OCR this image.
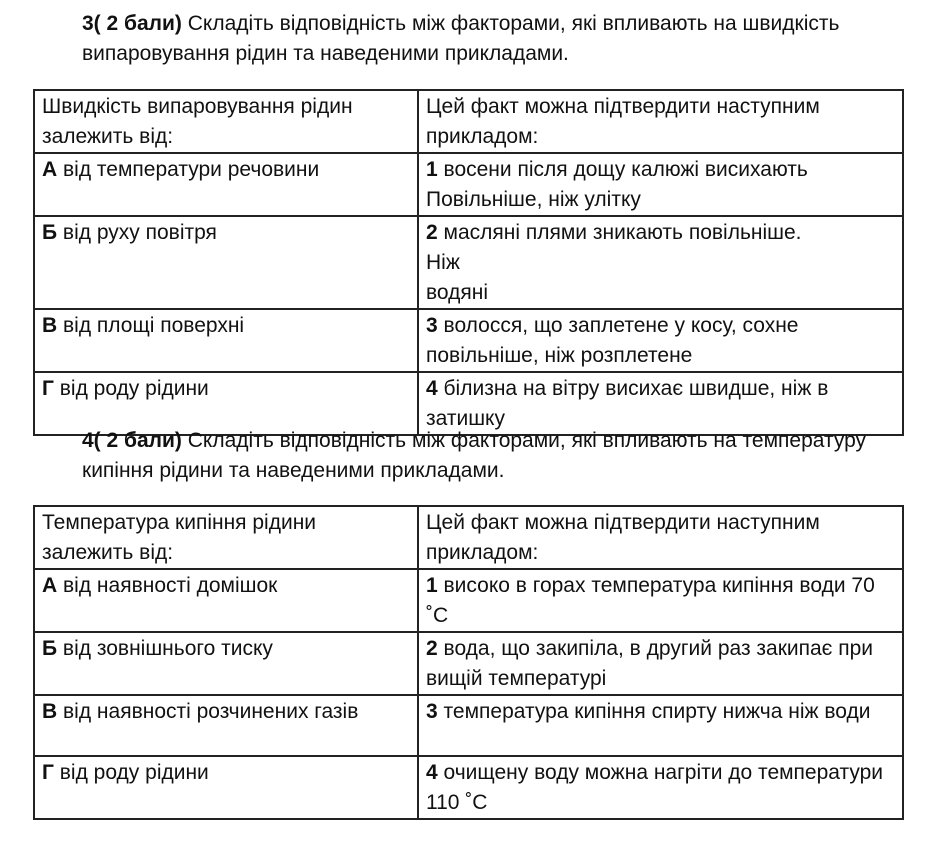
3( 2 бали) Складіть відповідність між факторами, які впливають на швидкість випаровування рідин та наведеними прикладами.

Швидкість випаровування рідин залежить від:	Цей факт можна підтвердити наступним прикладом:
А від температури речовини	1 восени після дощу калюжі висихають Повільніше, ніж улітку
Б від руху повітря	2 масляні плями зникають повільніше.
Ніж
водяні

В від площі поверхні	3 волосся, що заплетене у косу, сохне повільніше, ніж розплетене
Г від роду рідини	4 білизна на вітру висихає швидше, ніж в затишку

4( 2 бали) Складіть відповідність між факторами, які впливають на температуру кипіння рідини та наведеними прикладами.

Температура кипіння рідини залежить від:	Цей факт можна підтвердити наступним прикладом:
А від наявності домішок	1 високо в горах температура кипіння води 70 ˚С
Б від зовнішнього тиску	2 вода, що закипіла, в другий раз закипає при вищій температурі
В від наявності розчинених газів	3 температура кипіння спирту нижча ніж води
Г від роду рідини	4 очищену воду можна нагріти до температури 110 ˚С
